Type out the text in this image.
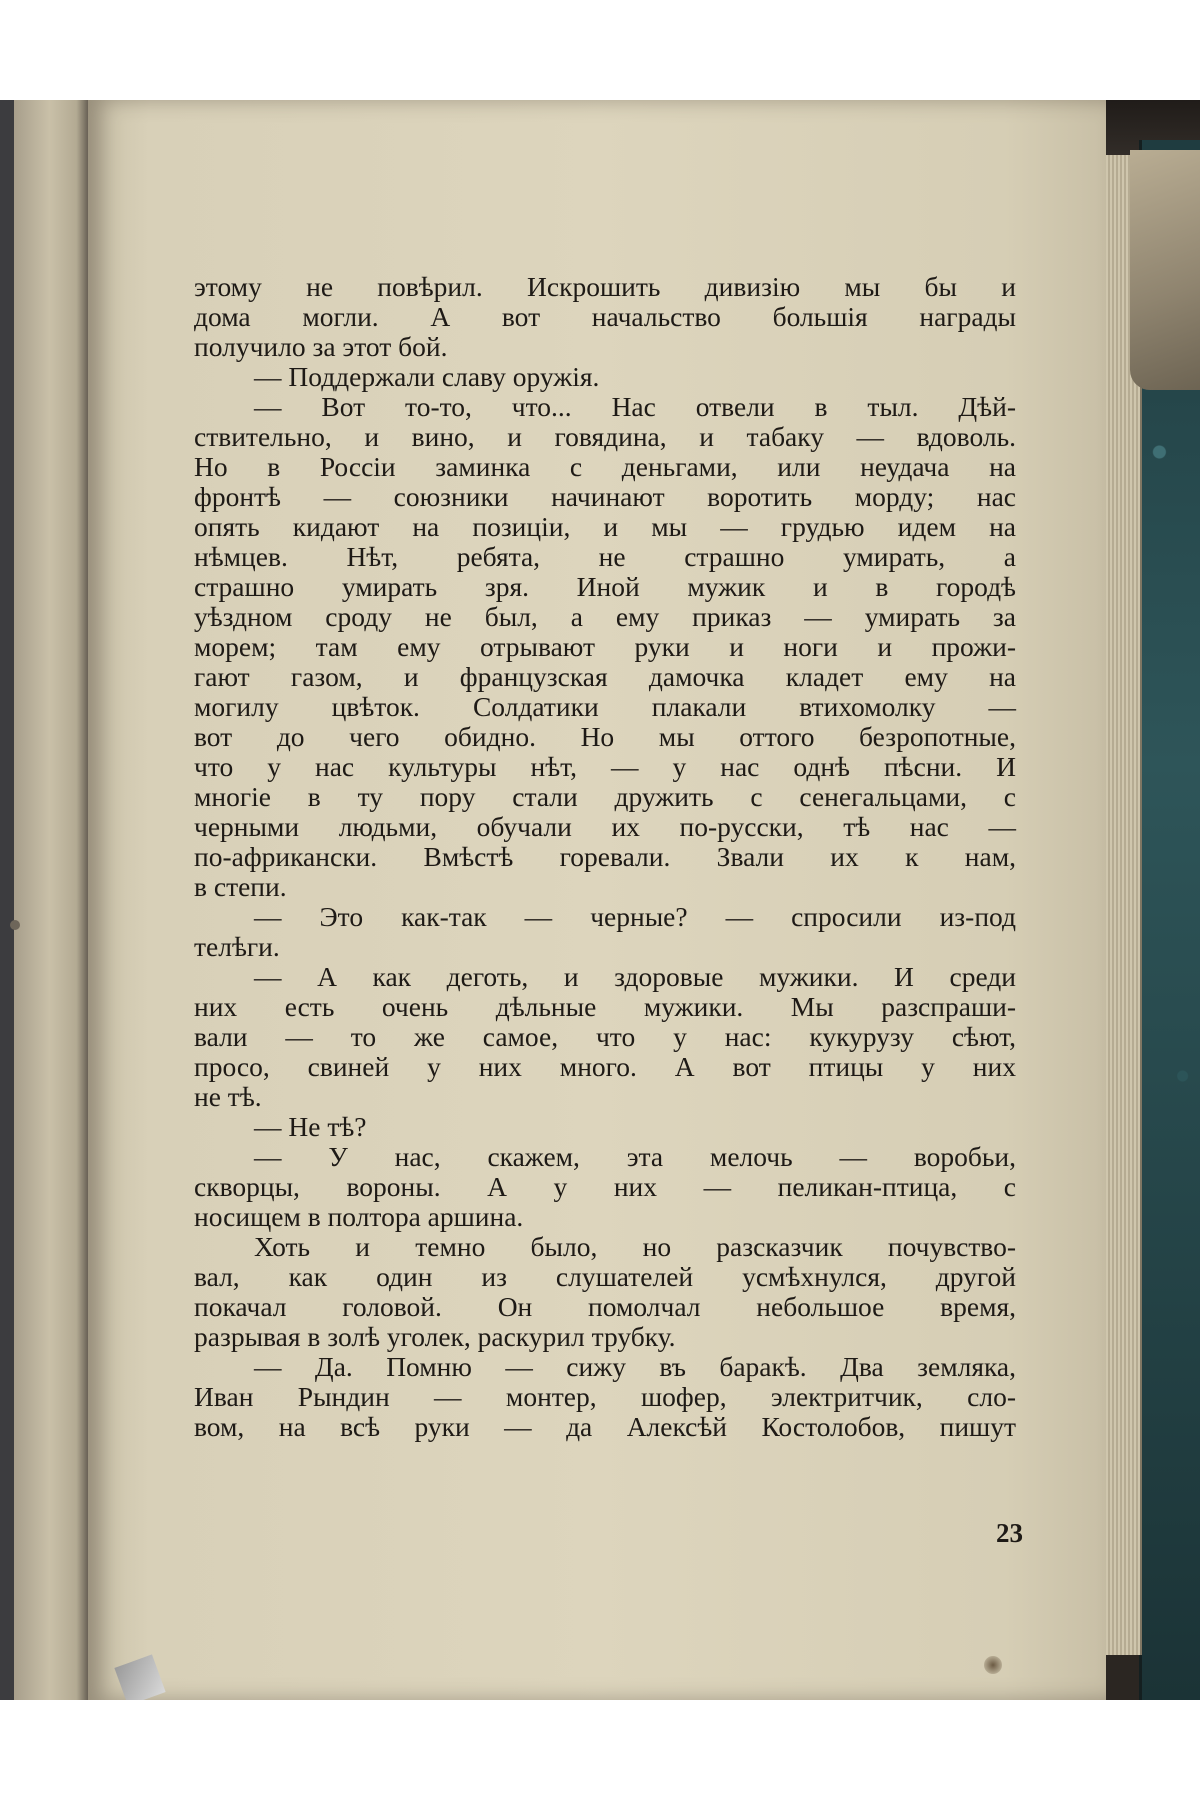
этому не повѣрил. Искрошить дивизію мы бы и
дома могли. А вот начальство большія награды
получило за этот бой.
— Поддержали славу оружія.
— Вот то-то, что... Нас отвели в тыл. Дѣй-
ствительно, и вино, и говядина, и табаку — вдоволь.
Но в Россіи заминка с деньгами, или неудача на
фронтѣ — союзники начинают воротить морду; нас
опять кидают на позиціи, и мы — грудью идем на
нѣмцев. Нѣт, ребята, не страшно умирать, а
страшно умирать зря. Иной мужик и в городѣ
уѣздном сроду не был, а ему приказ — умирать за
морем; там ему отрывают руки и ноги и прожи-
гают газом, и французская дамочка кладет ему на
могилу цвѣток. Солдатики плакали втихомолку —
вот до чего обидно. Но мы оттого безропотные,
что у нас культуры нѣт, — у нас однѣ пѣсни. И
многіе в ту пору стали дружить с сенегальцами, с
черными людьми, обучали их по-русски, тѣ нас —
по-африкански. Вмѣстѣ горевали. Звали их к нам,
в степи.
— Это как-так — черные? — спросили из-под
телѣги.
— А как деготь, и здоровые мужики. И среди
них есть очень дѣльные мужики. Мы разспраши-
вали — то же самое, что у нас: кукурузу сѣют,
просо, свиней у них много. А вот птицы у них
не тѣ.
— Не тѣ?
— У нас, скажем, эта мелочь — воробьи,
скворцы, вороны. А у них — пеликан-птица, с
носищем в полтора аршина.
Хоть и темно было, но разсказчик почувство-
вал, как один из слушателей усмѣхнулся, другой
покачал головой. Он помолчал небольшое время,
разрывая в золѣ уголек, раскурил трубку.
— Да. Помню — сижу въ баракѣ. Два земляка,
Иван Рындин — монтер, шофер, электритчик, сло-
вом, на всѣ руки — да Алексѣй Костолобов, пишут
23
